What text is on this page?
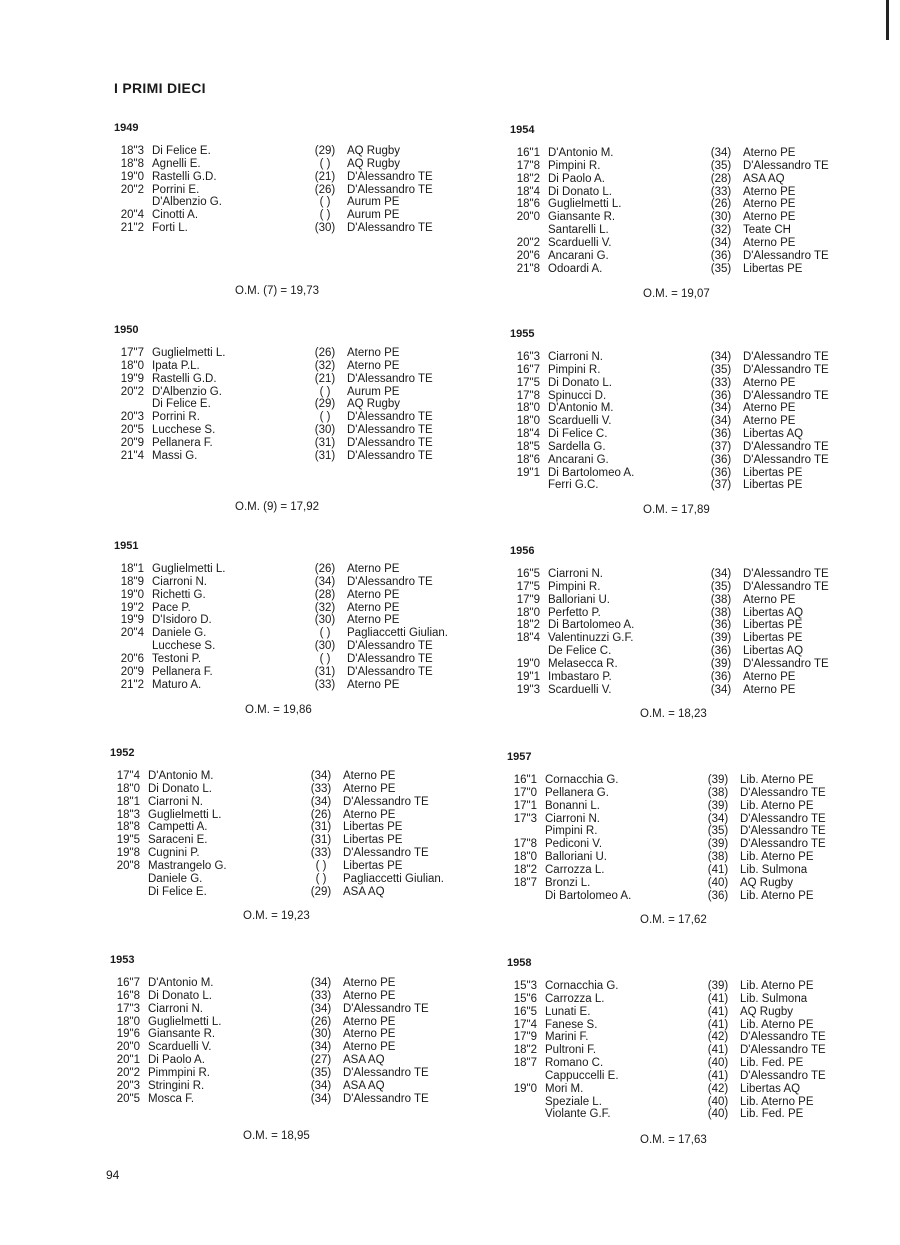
I PRIMI DIECI
94
1949
18"3 Di Felice E.	(29)	AQ Rugby
18"8 Agnelli E.	( )	AQ Rugby
19"0 Rastelli G.D.	(21)	D'Alessandro TE
20"2 Porrini E.	(26)	D'Alessandro TE
D'Albenzio G.	( )	Aurum PE
20"4 Cinotti A.	( )	Aurum PE
21"2 Forti L.	(30)	D'Alessandro TE
O.M. (7) = 19,73
1950
17"7 Guglielmetti L.	(26)	Aterno PE
18"0 Ipata P.L.	(32)	Aterno PE
19"9 Rastelli G.D.	(21)	D'Alessandro TE
20"2 D'Albenzio G.	( )	Aurum PE
Di Felice E.	(29)	AQ Rugby
20"3 Porrini R.	( )	D'Alessandro TE
20"5 Lucchese S.	(30)	D'Alessandro TE
20"9 Pellanera F.	(31)	D'Alessandro TE
21"4 Massi G.	(31)	D'Alessandro TE
O.M. (9) = 17,92
1951
18"1 Guglielmetti L.	(26)	Aterno PE
18"9 Ciarroni N.	(34)	D'Alessandro TE
19"0 Richetti G.	(28)	Aterno PE
19"2 Pace P.	(32)	Aterno PE
19"9 D'Isidoro D.	(30)	Aterno PE
20"4 Daniele G.	( )	Pagliaccetti Giulian.
Lucchese S.	(30)	D'Alessandro TE
20"6 Testoni P.	( )	D'Alessandro TE
20"9 Pellanera F.	(31)	D'Alessandro TE
21"2 Maturo A.	(33)	Aterno PE
O.M. = 19,86
1952
17"4 D'Antonio M.	(34)	Aterno PE
18"0 Di Donato L.	(33)	Aterno PE
18"1 Ciarroni N.	(34)	D'Alessandro TE
18"3 Guglielmetti L.	(26)	Aterno PE
18"8 Campetti A.	(31)	Libertas PE
19"5 Saraceni E.	(31)	Libertas PE
19"8 Cugnini P.	(33)	D'Alessandro TE
20"8 Mastrangelo G.	( )	Libertas PE
Daniele G.	( )	Pagliaccetti Giulian.
Di Felice E.	(29)	ASA AQ
O.M. = 19,23
1953
16"7 D'Antonio M.	(34)	Aterno PE
16"8 Di Donato L.	(33)	Aterno PE
17"3 Ciarroni N.	(34)	D'Alessandro TE
18"0 Guglielmetti L.	(26)	Aterno PE
19"6 Giansante R.	(30)	Aterno PE
20"0 Scarduelli V.	(34)	Aterno PE
20"1 Di Paolo A.	(27)	ASA AQ
20"2 Pimmpini R.	(35)	D'Alessandro TE
20"3 Stringini R.	(34)	ASA AQ
20"5 Mosca F.	(34)	D'Alessandro TE
O.M. = 18,95
1954
16"1 D'Antonio M.	(34)	Aterno PE
17"8 Pimpini R.	(35)	D'Alessandro TE
18"2 Di Paolo A.	(28)	ASA AQ
18"4 Di Donato L.	(33)	Aterno PE
18"6 Guglielmetti L.	(26)	Aterno PE
20"0 Giansante R.	(30)	Aterno PE
Santarelli L.	(32)	Teate CH
20"2 Scarduelli V.	(34)	Aterno PE
20"6 Ancarani G.	(36)	D'Alessandro TE
21"8 Odoardi A.	(35)	Libertas PE
O.M. = 19,07
1955
16"3 Ciarroni N.	(34)	D'Alessandro TE
16"7 Pimpini R.	(35)	D'Alessandro TE
17"5 Di Donato L.	(33)	Aterno PE
17"8 Spinucci D.	(36)	D'Alessandro TE
18"0 D'Antonio M.	(34)	Aterno PE
18"0 Scarduelli V.	(34)	Aterno PE
18"4 Di Felice C.	(36)	Libertas AQ
18"5 Sardella G.	(37)	D'Alessandro TE
18"6 Ancarani G.	(36)	D'Alessandro TE
19"1 Di Bartolomeo A.	(36)	Libertas PE
Ferri G.C.	(37)	Libertas PE
O.M. = 17,89
1956
16"5 Ciarroni N.	(34)	D'Alessandro TE
17"5 Pimpini R.	(35)	D'Alessandro TE
17"9 Balloriani U.	(38)	Aterno PE
18"0 Perfetto P.	(38)	Libertas AQ
18"2 Di Bartolomeo A.	(36)	Libertas PE
18"4 Valentinuzzi G.F.	(39)	Libertas PE
De Felice C.	(36)	Libertas AQ
19"0 Melasecca R.	(39)	D'Alessandro TE
19"1 Imbastaro P.	(36)	Aterno PE
19"3 Scarduelli V.	(34)	Aterno PE
O.M. = 18,23
1957
16"1 Cornacchia G.	(39)	Lib. Aterno PE
17"0 Pellanera G.	(38)	D'Alessandro TE
17"1 Bonanni L.	(39)	Lib. Aterno PE
17"3 Ciarroni N.	(34)	D'Alessandro TE
Pimpini R.	(35)	D'Alessandro TE
17"8 Pediconi V.	(39)	D'Alessandro TE
18"0 Balloriani U.	(38)	Lib. Aterno PE
18"2 Carrozza L.	(41)	Lib. Sulmona
18"7 Bronzi L.	(40)	AQ Rugby
Di Bartolomeo A.	(36)	Lib. Aterno PE
O.M. = 17,62
1958
15"3 Cornacchia G.	(39)	Lib. Aterno PE
15"6 Carrozza L.	(41)	Lib. Sulmona
16"5 Lunati E.	(41)	AQ Rugby
17"4 Fanese S.	(41)	Lib. Aterno PE
17"9 Marini F.	(42)	D'Alessandro TE
18"2 Pultroni F.	(41)	D'Alessandro TE
18"7 Romano C.	(40)	Lib. Fed. PE
Cappuccelli E.	(41)	D'Alessandro TE
19"0 Mori M.	(42)	Libertas AQ
Speziale L.	(40)	Lib. Aterno PE
Violante G.F.	(40)	Lib. Fed. PE
O.M. = 17,63
